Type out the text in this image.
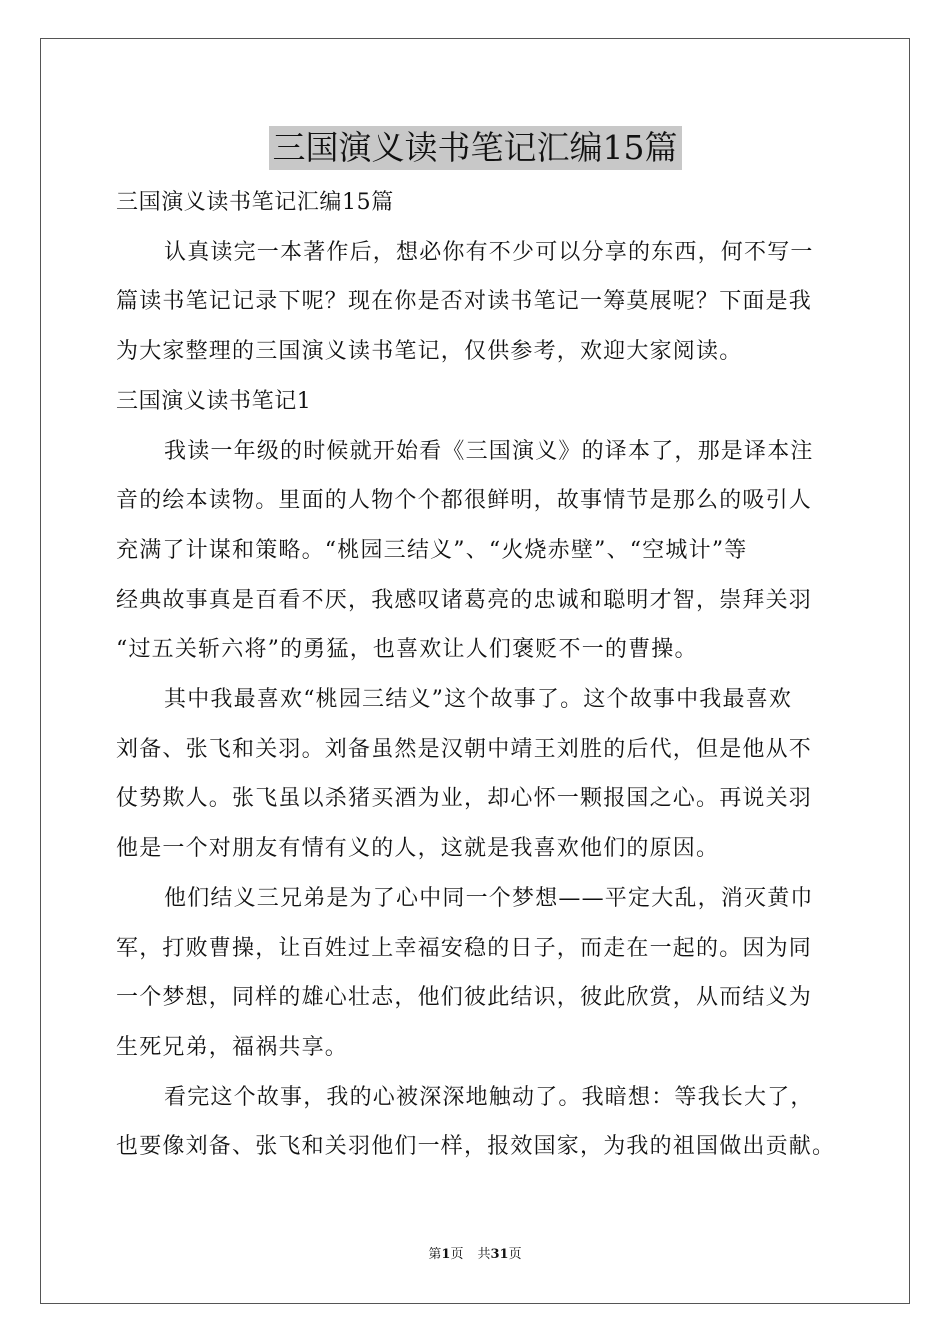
三国演义读书笔记汇编15篇
三国演义读书笔记汇编15篇
认真读完一本著作后，想必你有不少可以分享的东西，何不写一
篇读书笔记记录下呢？现在你是否对读书笔记一筹莫展呢？下面是我
为大家整理的三国演义读书笔记，仅供参考，欢迎大家阅读。
三国演义读书笔记1
我读一年级的时候就开始看《三国演义》的译本了，那是译本注
音的绘本读物。里面的人物个个都很鲜明，故事情节是那么的吸引人
充满了计谋和策略。“桃园三结义”、“火烧赤壁”、“空城计”等
经典故事真是百看不厌，我感叹诸葛亮的忠诚和聪明才智，崇拜关羽
“过五关斩六将”的勇猛，也喜欢让人们褒贬不一的曹操。
其中我最喜欢“桃园三结义”这个故事了。这个故事中我最喜欢
刘备、张飞和关羽。刘备虽然是汉朝中靖王刘胜的后代，但是他从不
仗势欺人。张飞虽以杀猪买酒为业，却心怀一颗报国之心。再说关羽
他是一个对朋友有情有义的人，这就是我喜欢他们的原因。
他们结义三兄弟是为了心中同一个梦想——平定大乱，消灭黄巾
军，打败曹操，让百姓过上幸福安稳的日子，而走在一起的。因为同
一个梦想，同样的雄心壮志，他们彼此结识，彼此欣赏，从而结义为
生死兄弟，福祸共享。
看完这个故事，我的心被深深地触动了。我暗想：等我长大了，
也要像刘备、张飞和关羽他们一样，报效国家，为我的祖国做出贡献。
第1页 共31页
